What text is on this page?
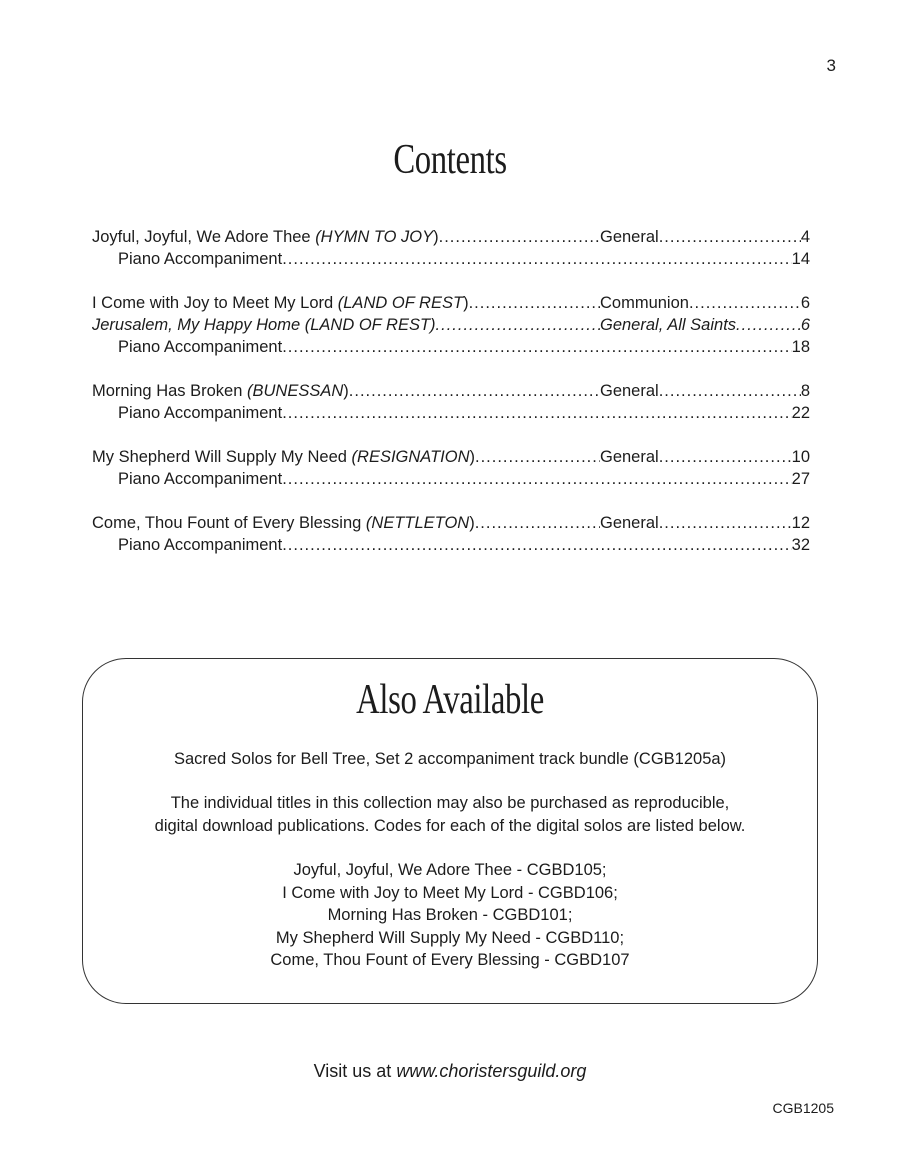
3
Contents
Joyful, Joyful, We Adore Thee (HYMN TO JOY) .....	General .....	4
Piano Accompaniment .....	14
I Come with Joy to Meet My Lord (LAND OF REST) .....	Communion .....	6
Jerusalem, My Happy Home (LAND OF REST) .....	General, All Saints .....	6
Piano Accompaniment .....	18
Morning Has Broken (BUNESSAN) .....	General .....	8
Piano Accompaniment .....	22
My Shepherd Will Supply My Need (RESIGNATION) .....	General .....	10
Piano Accompaniment .....	27
Come, Thou Fount of Every Blessing (NETTLETON) .....	General .....	12
Piano Accompaniment .....	32
Also Available
Sacred Solos for Bell Tree, Set 2 accompaniment track bundle (CGB1205a)
The individual titles in this collection may also be purchased as reproducible,
digital download publications. Codes for each of the digital solos are listed below.
Joyful, Joyful, We Adore Thee - CGBD105;
I Come with Joy to Meet My Lord - CGBD106;
Morning Has Broken - CGBD101;
My Shepherd Will Supply My Need - CGBD110;
Come, Thou Fount of Every Blessing - CGBD107
Visit us at www.choristersguild.org
CGB1205
